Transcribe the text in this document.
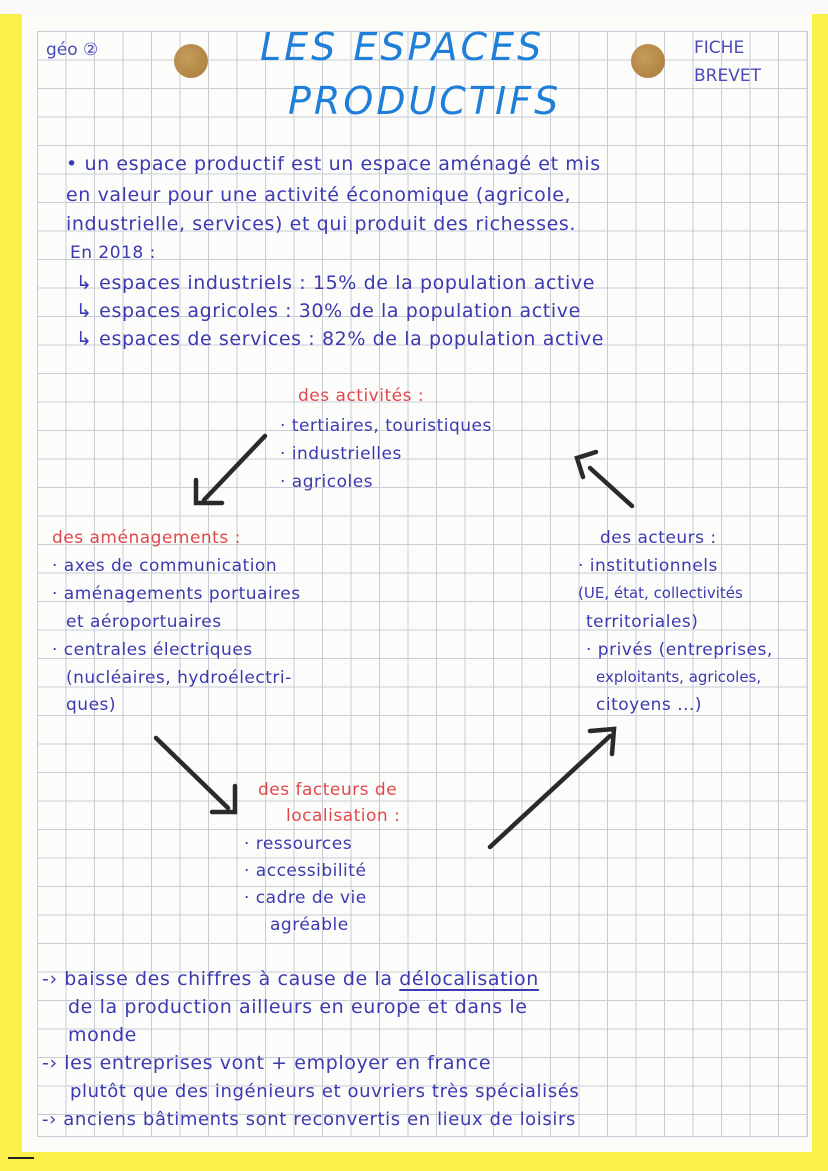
géo ②	FICHE
BREVET
LES ESPACES
PRODUCTIFS
• un espace productif est un espace aménagé et mis
en valeur pour une activité économique (agricole,
industrielle, services) et qui produit des richesses.
En 2018 :
↳ espaces industriels : 15% de la population active
↳ espaces agricoles : 30% de la population active
↳ espaces de services : 82% de la population active
des activités :
· tertiaires, touristiques
· industrielles
· agricoles
des aménagements :
· axes de communication
· aménagements portuaires
et aéroportuaires
· centrales électriques
(nucléaires, hydroélectri-
ques)
des acteurs :
· institutionnels
(UE, état, collectivités
territoriales)
· privés (entreprises,
exploitants, agricoles,
citoyens ...)
des facteurs de
localisation :
· ressources
· accessibilité
· cadre de vie
agréable
-› baisse des chiffres à cause de la délocalisation
de la production ailleurs en europe et dans le
monde
-› les entreprises vont + employer en france
plutôt que des ingénieurs et ouvriers très spécialisés
-› anciens bâtiments sont reconvertis en lieux de loisirs
